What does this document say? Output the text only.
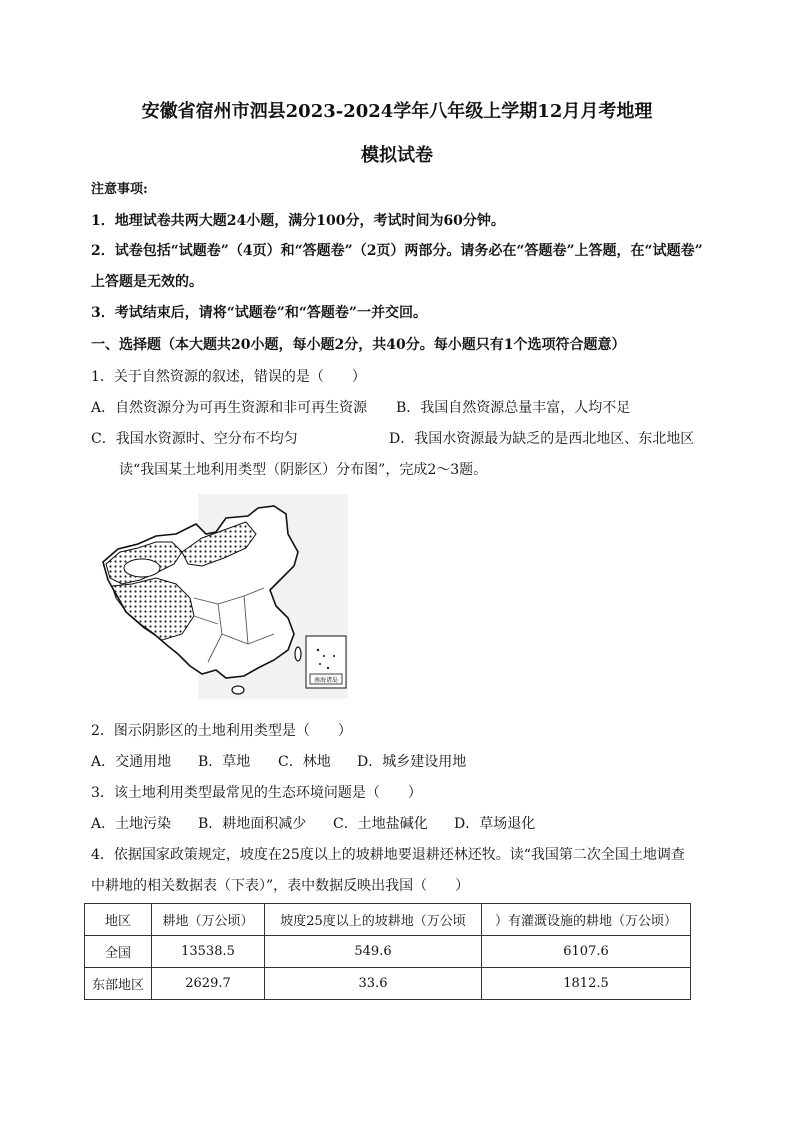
安徽省宿州市泗县2023-2024学年八年级上学期12月月考地理
模拟试卷
注意事项:
1．地理试卷共两大题24小题，满分100分，考试时间为60分钟。
2．试卷包括“试题卷”（4页）和“答题卷”（2页）两部分。请务必在“答题卷”上答题，在“试题卷”
上答题是无效的。
3．考试结束后，请将“试题卷”和“答题卷”一并交回。
一、选择题（本大题共20小题，每小题2分，共40分。每小题只有1个选项符合题意）
1．关于自然资源的叙述，错误的是（　　）
A．自然资源分为可再生资源和非可再生资源 B．我国自然资源总量丰富，人均不足
C．我国水资源时、空分布不均匀	D．我国水资源最为缺乏的是西北地区、东北地区
读“我国某土地利用类型（阴影区）分布图”，完成2～3题。
南海诸岛
2．图示阴影区的土地利用类型是（　　）
A．交通用地 B．草地 C．林地 D．城乡建设用地
3．该土地利用类型最常见的生态环境问题是（　　）
A．土地污染 B．耕地面积减少 C．土地盐碱化 D．草场退化
4．依据国家政策规定，坡度在25度以上的坡耕地要退耕还林还牧。读“我国第二次全国土地调查
中耕地的相关数据表（下表）”，表中数据反映出我国（　　）
地区	耕地（万公顷）	坡度25度以上的坡耕地（万公顷	）有灌溉设施的耕地（万公顷）
全国	13538.5	549.6	6107.6
东部地区	2629.7	33.6	1812.5
